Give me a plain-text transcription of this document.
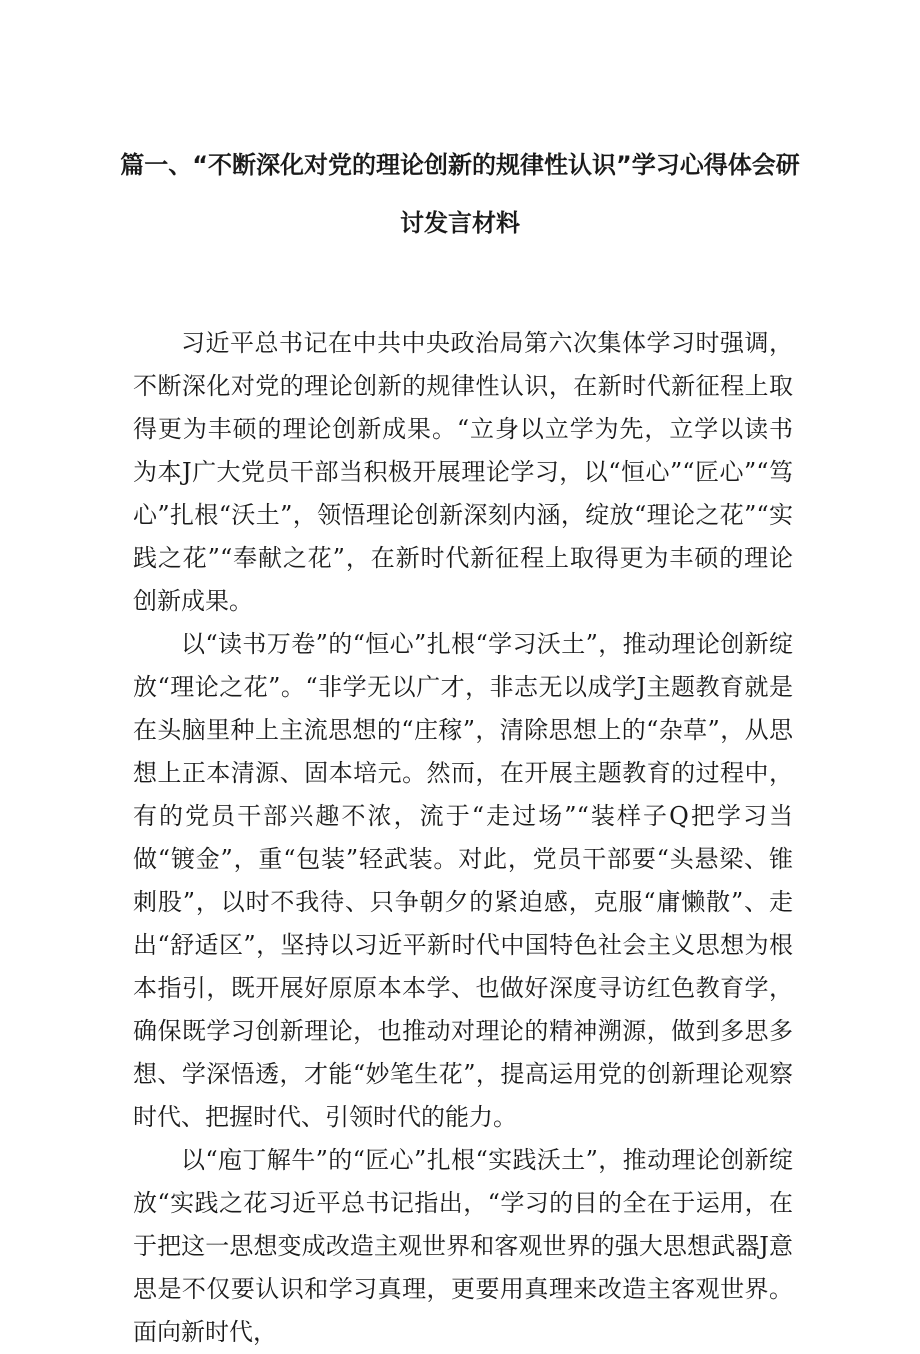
篇一、“不断深化对党的理论创新的规律性认识”学习心得体会研
讨发言材料

习近平总书记在中共中央政治局第六次集体学习时强调，不断深化对党的理论创新的规律性认识，在新时代新征程上取得更为丰硕的理论创新成果。“立身以立学为先，立学以读书为本J广大党员干部当积极开展理论学习，以“恒心”“匠心”“笃心”扎根“沃土”，领悟理论创新深刻内涵，绽放“理论之花”“实践之花”“奉献之花”，在新时代新征程上取得更为丰硕的理论创新成果。

以“读书万卷”的“恒心”扎根“学习沃土”，推动理论创新绽放“理论之花”。“非学无以广才，非志无以成学J主题教育就是在头脑里种上主流思想的“庄稼”，清除思想上的“杂草”，从思想上正本清源、固本培元。然而，在开展主题教育的过程中，有的党员干部兴趣不浓，流于“走过场”“装样子Q把学习当做“镀金”，重“包装”轻武装。对此，党员干部要“头悬梁、锥刺股”，以时不我待、只争朝夕的紧迫感，克服“庸懒散”、走出“舒适区”，坚持以习近平新时代中国特色社会主义思想为根本指引，既开展好原原本本学、也做好深度寻访红色教育学，确保既学习创新理论，也推动对理论的精神溯源，做到多思多想、学深悟透，才能“妙笔生花”，提高运用党的创新理论观察时代、把握时代、引领时代的能力。

以“庖丁解牛”的“匠心”扎根“实践沃土”，推动理论创新绽放“实践之花习近平总书记指出，“学习的目的全在于运用，在于把这一思想变成改造主观世界和客观世界的强大思想武器J意思是不仅要认识和学习真理，更要用真理来改造主客观世界。面向新时代，
